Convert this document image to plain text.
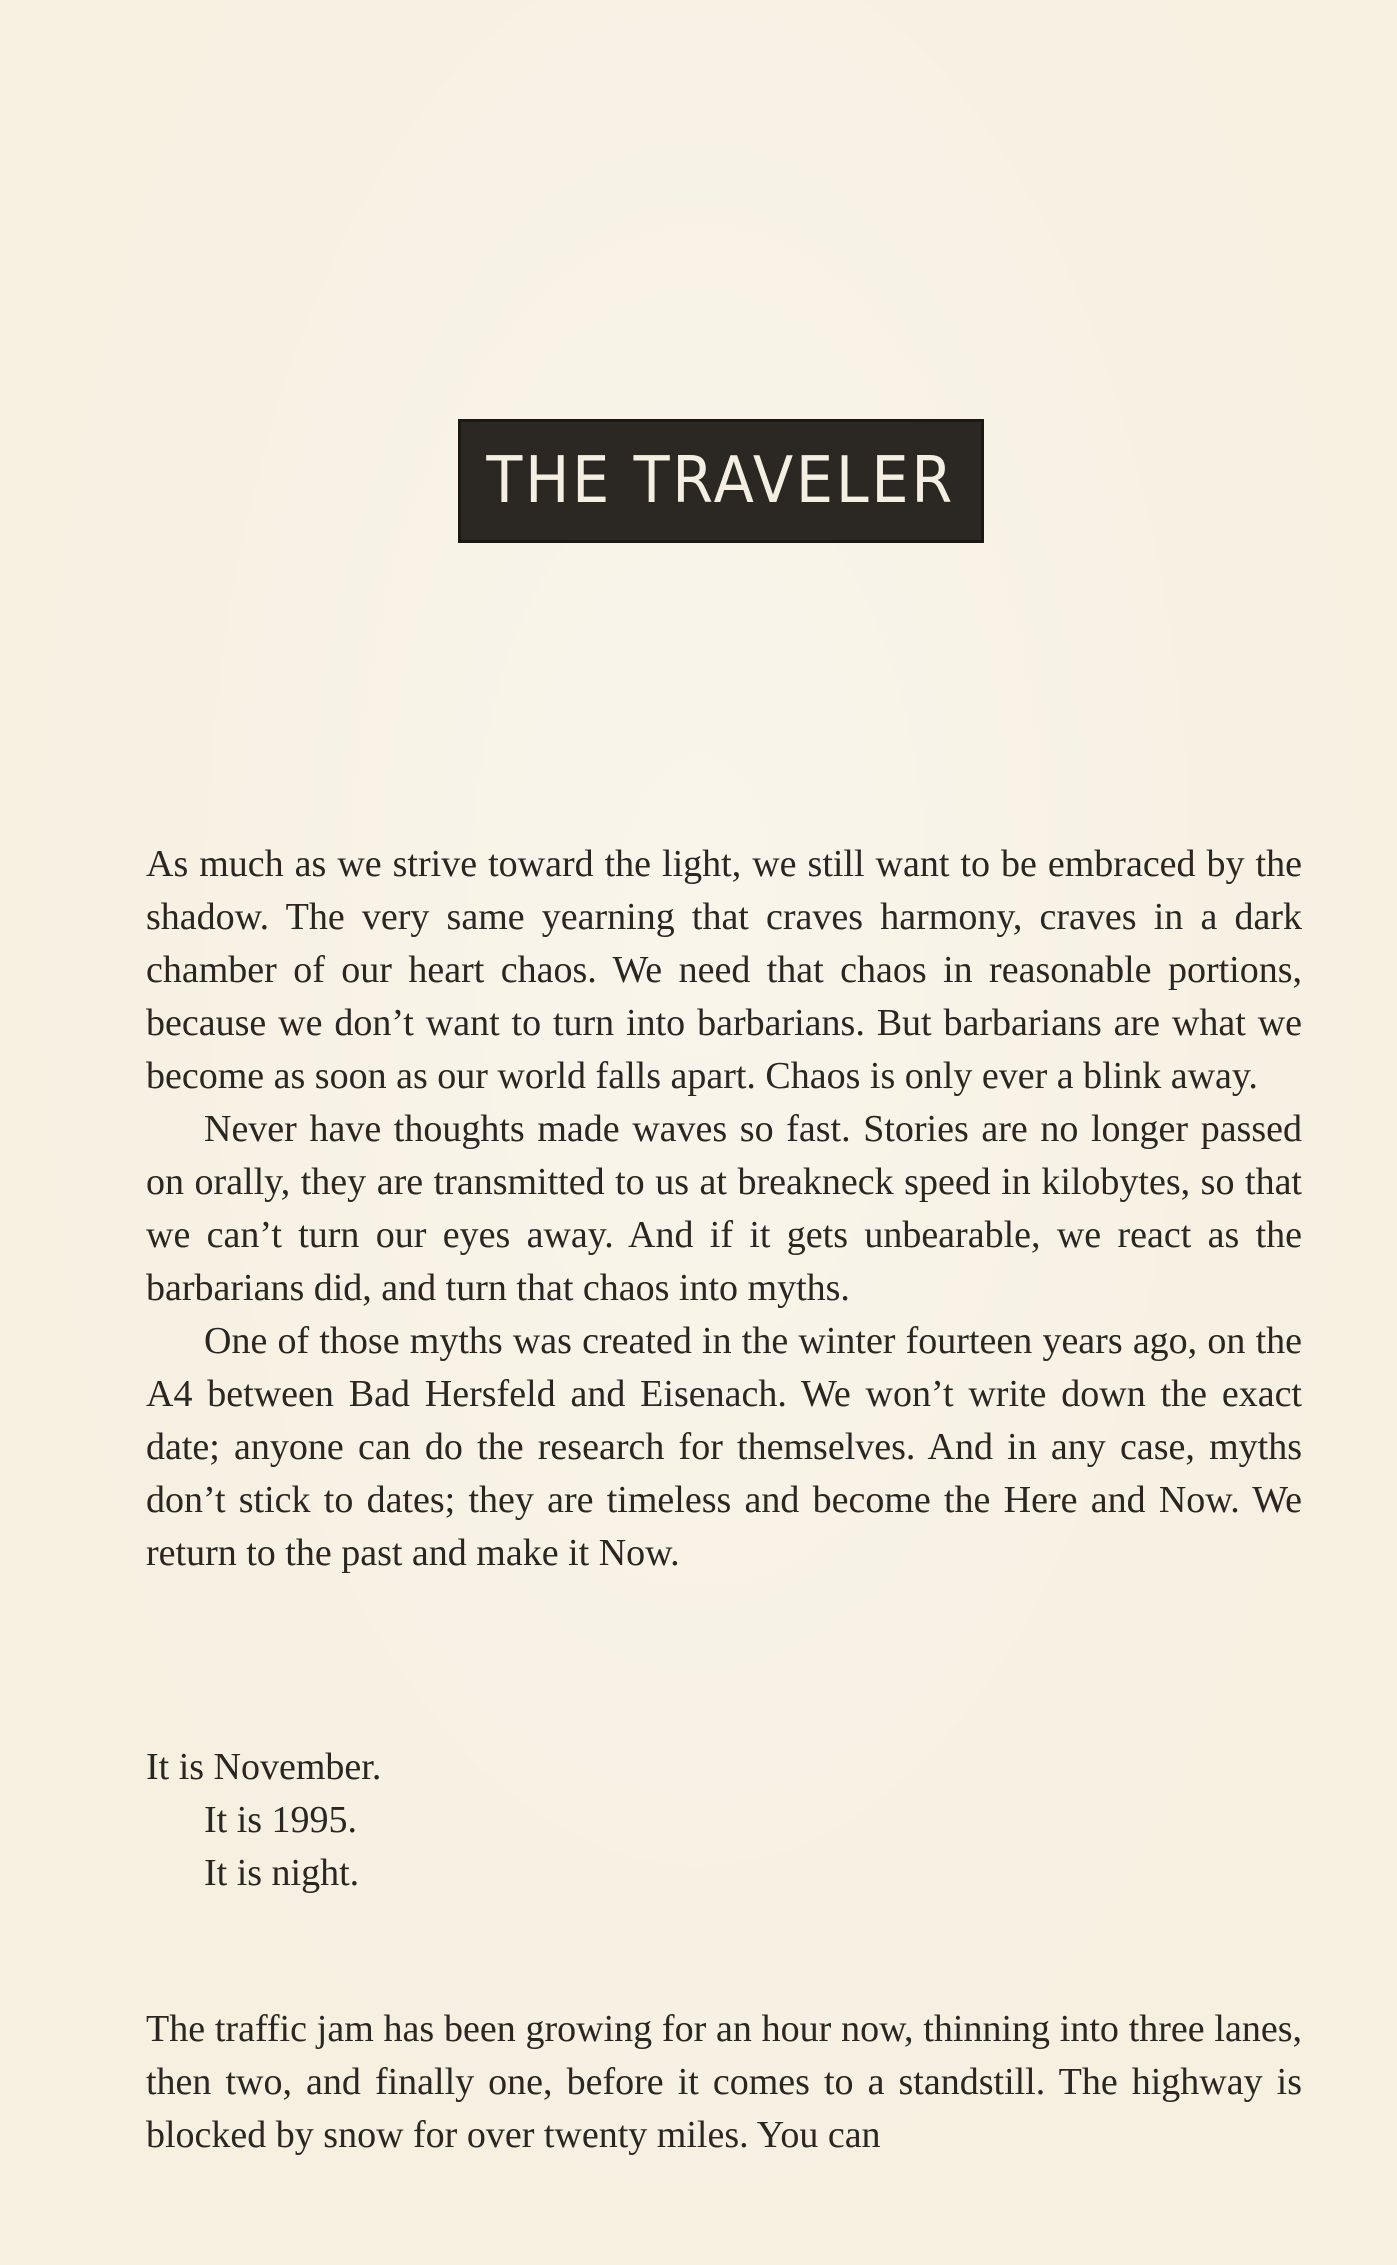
THE TRAVELER

As much as we strive toward the light, we still want to be embraced by the shadow. The very same yearning that craves harmony, craves in a dark chamber of our heart chaos. We need that chaos in reasonable portions, because we don’t want to turn into barbarians. But barbarians are what we become as soon as our world falls apart. Chaos is only ever a blink away.

Never have thoughts made waves so fast. Stories are no longer passed on orally, they are transmitted to us at breakneck speed in kilobytes, so that we can’t turn our eyes away. And if it gets unbearable, we react as the barbarians did, and turn that chaos into myths.

One of those myths was created in the winter fourteen years ago, on the A4 between Bad Hersfeld and Eisenach. We won’t write down the exact date; anyone can do the research for themselves. And in any case, myths don’t stick to dates; they are timeless and become the Here and Now. We return to the past and make it Now.

It is November.

It is 1995.

It is night.

The traffic jam has been growing for an hour now, thinning into three lanes, then two, and finally one, before it comes to a standstill. The highway is blocked by snow for over twenty miles. You can
